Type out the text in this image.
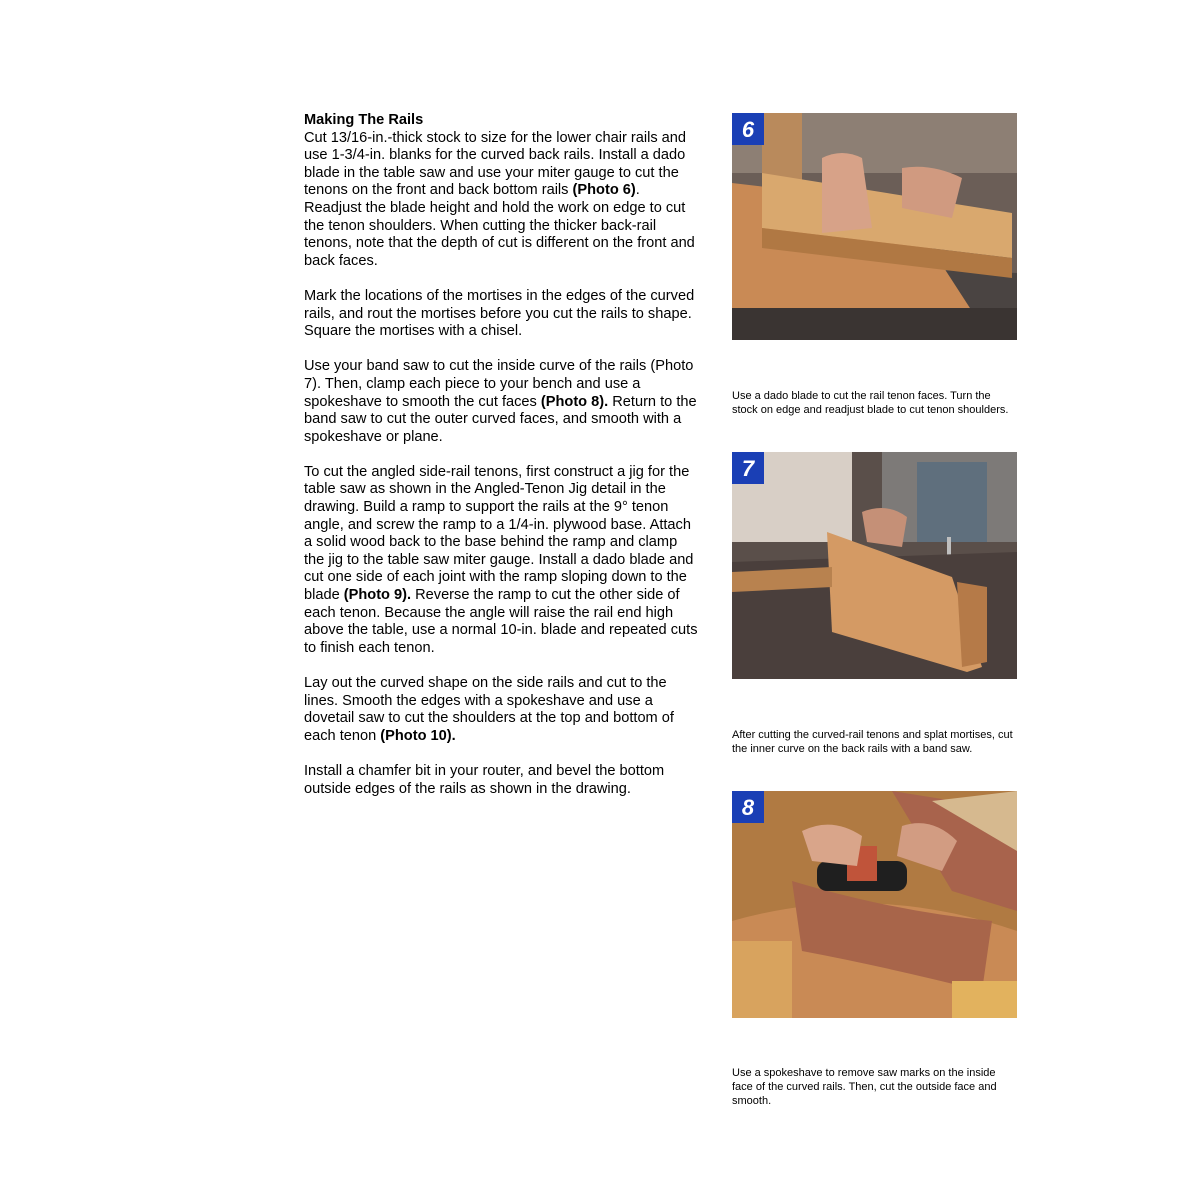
Making The Rails
Cut 13/16-in.-thick stock to size for the lower chair rails and use 1-3/4-in. blanks for the curved back rails. Install a dado blade in the table saw and use your miter gauge to cut the tenons on the front and back bottom rails (Photo 6). Readjust the blade height and hold the work on edge to cut the tenon shoulders. When cutting the thicker back-rail tenons, note that the depth of cut is different on the front and back faces.

Mark the locations of the mortises in the edges of the curved rails, and rout the mortises before you cut the rails to shape. Square the mortises with a chisel.

Use your band saw to cut the inside curve of the rails (Photo 7). Then, clamp each piece to your bench and use a spokeshave to smooth the cut faces (Photo 8). Return to the band saw to cut the outer curved faces, and smooth with a spokeshave or plane.

To cut the angled side-rail tenons, first construct a jig for the table saw as shown in the Angled-Tenon Jig detail in the drawing. Build a ramp to support the rails at the 9° tenon angle, and screw the ramp to a 1/4-in. plywood base. Attach a solid wood back to the base behind the ramp and clamp the jig to the table saw miter gauge. Install a dado blade and cut one side of each joint with the ramp sloping down to the blade (Photo 9). Reverse the ramp to cut the other side of each tenon. Because the angle will raise the rail end high above the table, use a normal 10-in. blade and repeated cuts to finish each tenon.

Lay out the curved shape on the side rails and cut to the lines. Smooth the edges with a spokeshave and use a dovetail saw to cut the shoulders at the top and bottom of each tenon (Photo 10).

Install a chamfer bit in your router, and bevel the bottom outside edges of the rails as shown in the drawing.

6
Use a dado blade to cut the rail tenon faces. Turn the stock on edge and readjust blade to cut tenon shoulders.
7
After cutting the curved-rail tenons and splat mortises, cut the inner curve on the back rails with a band saw.
8
Use a spokeshave to remove saw marks on the inside face of the curved rails. Then, cut the outside face and smooth.
